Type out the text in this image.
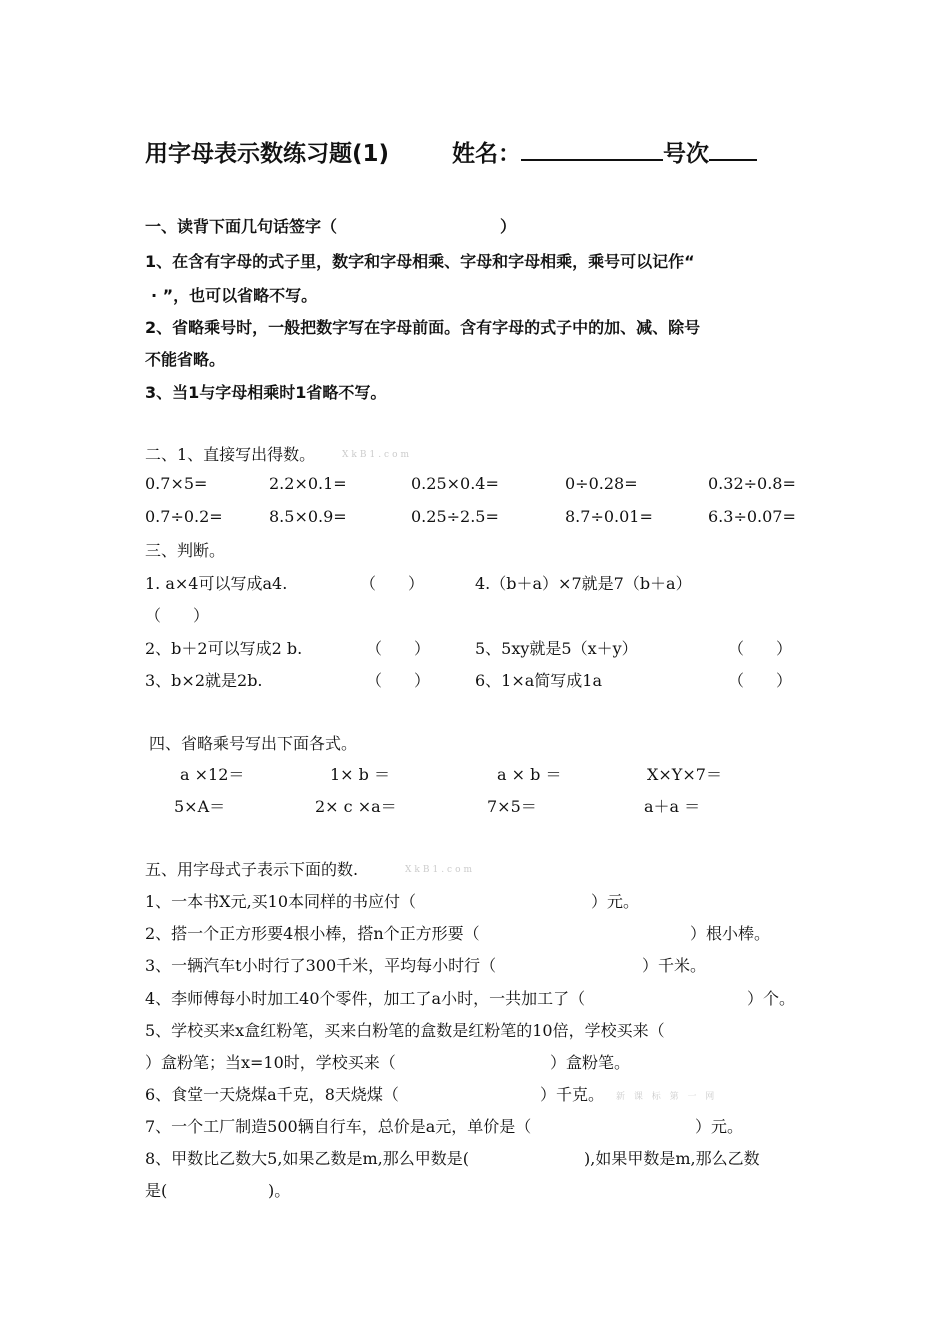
用字母表示数练习题(1)	姓名：	号次
一、读背下面几句话签字（	）
1、在含有字母的式子里，数字和字母相乘、字母和字母相乘，乘号可以记作“
· ”，也可以省略不写。
2、省略乘号时，一般把数字写在字母前面。含有字母的式子中的加、减、除号
不能省略。
3、当1与字母相乘时1省略不写。
二、1、直接写出得数。	XkB1.com
0.7×5=	2.2×0.1=	0.25×0.4=	0÷0.28=	0.32÷0.8=
0.7÷0.2=	8.5×0.9=	0.25÷2.5=	8.7÷0.01=	6.3÷0.07=
三、判断。
1. a×4可以写成a4.	（　　）	4.（b＋a）×7就是7（b＋a）
（　　）
2、b＋2可以写成2 b.	（　　）	5、5xy就是5（x＋y）	（　　）
3、b×2就是2b.	（　　）	6、1×a简写成1a	（　　）
四、省略乘号写出下面各式。
a ×12＝	1× b ＝	a × b ＝	X×Y×7＝
5×A＝	2× c ×a＝	7×5＝	a＋a ＝
五、用字母式子表示下面的数.	XkB1.com
1、一本书X元,买10本同样的书应付（	）元。
2、搭一个正方形要4根小棒，搭n个正方形要（	）根小棒。
3、一辆汽车t小时行了300千米，平均每小时行（	）千米。
4、李师傅每小时加工40个零件，加工了a小时，一共加工了（	）个。
5、学校买来x盒红粉笔，买来白粉笔的盒数是红粉笔的10倍，学校买来（
）盒粉笔；当x=10时，学校买来（	）盒粉笔。
6、食堂一天烧煤a千克，8天烧煤（	）千克。 新 课 标 第 一 网
7、一个工厂制造500辆自行车，总价是a元，单价是（	）元。
8、甲数比乙数大5,如果乙数是m,那么甲数是(	),如果甲数是m,那么乙数
是(	)。
